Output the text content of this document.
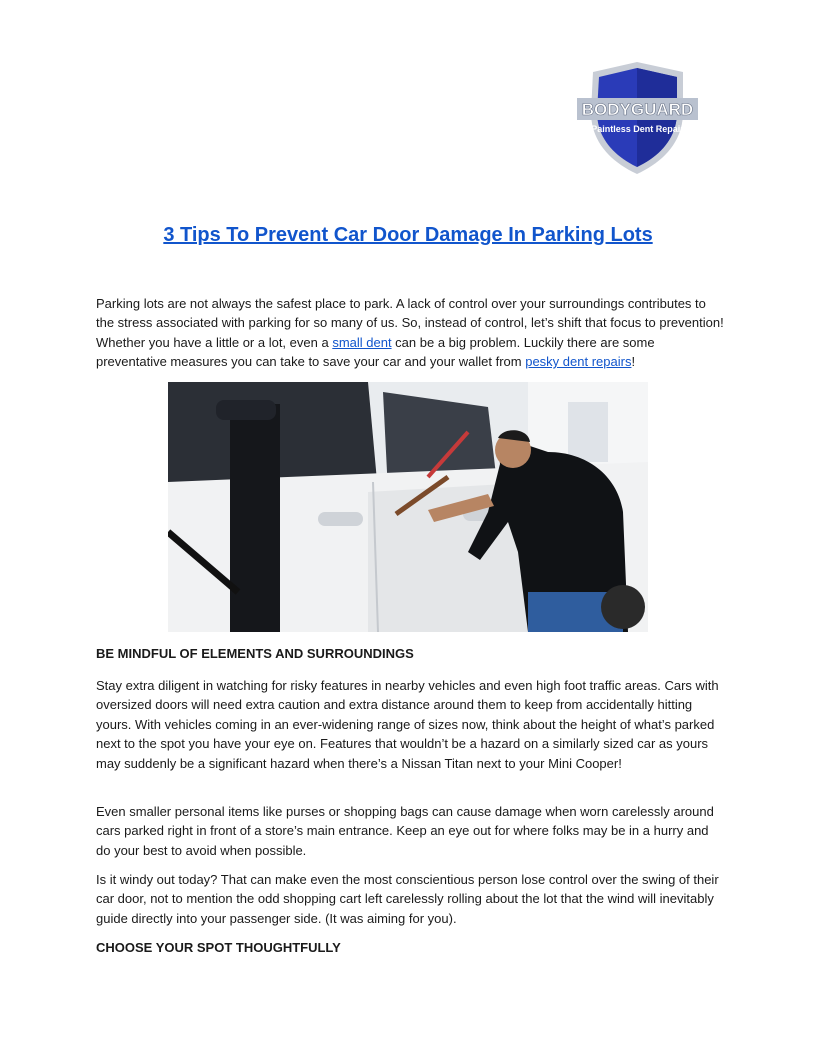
BODYGUARD
Paintless Dent Repair
3 Tips To Prevent Car Door Damage In Parking Lots

Parking lots are not always the safest place to park. A lack of control over your surroundings contributes to the stress associated with parking for so many of us. So, instead of control, let’s shift that focus to prevention! Whether you have a little or a lot, even a small dent can be a big problem. Luckily there are some preventative measures you can take to save your car and your wallet from pesky dent repairs!

BE MINDFUL OF ELEMENTS AND SURROUNDINGS

Stay extra diligent in watching for risky features in nearby vehicles and even high foot traffic areas. Cars with oversized doors will need extra caution and extra distance around them to keep from accidentally hitting yours. With vehicles coming in an ever-widening range of sizes now, think about the height of what’s parked next to the spot you have your eye on. Features that wouldn’t be a hazard on a similarly sized car as yours may suddenly be a significant hazard when there’s a Nissan Titan next to your Mini Cooper!

Even smaller personal items like purses or shopping bags can cause damage when worn carelessly around cars parked right in front of a store’s main entrance. Keep an eye out for where folks may be in a hurry and do your best to avoid when possible.

Is it windy out today? That can make even the most conscientious person lose control over the swing of their car door, not to mention the odd shopping cart left carelessly rolling about the lot that the wind will inevitably guide directly into your passenger side. (It was aiming for you).

CHOOSE YOUR SPOT THOUGHTFULLY
